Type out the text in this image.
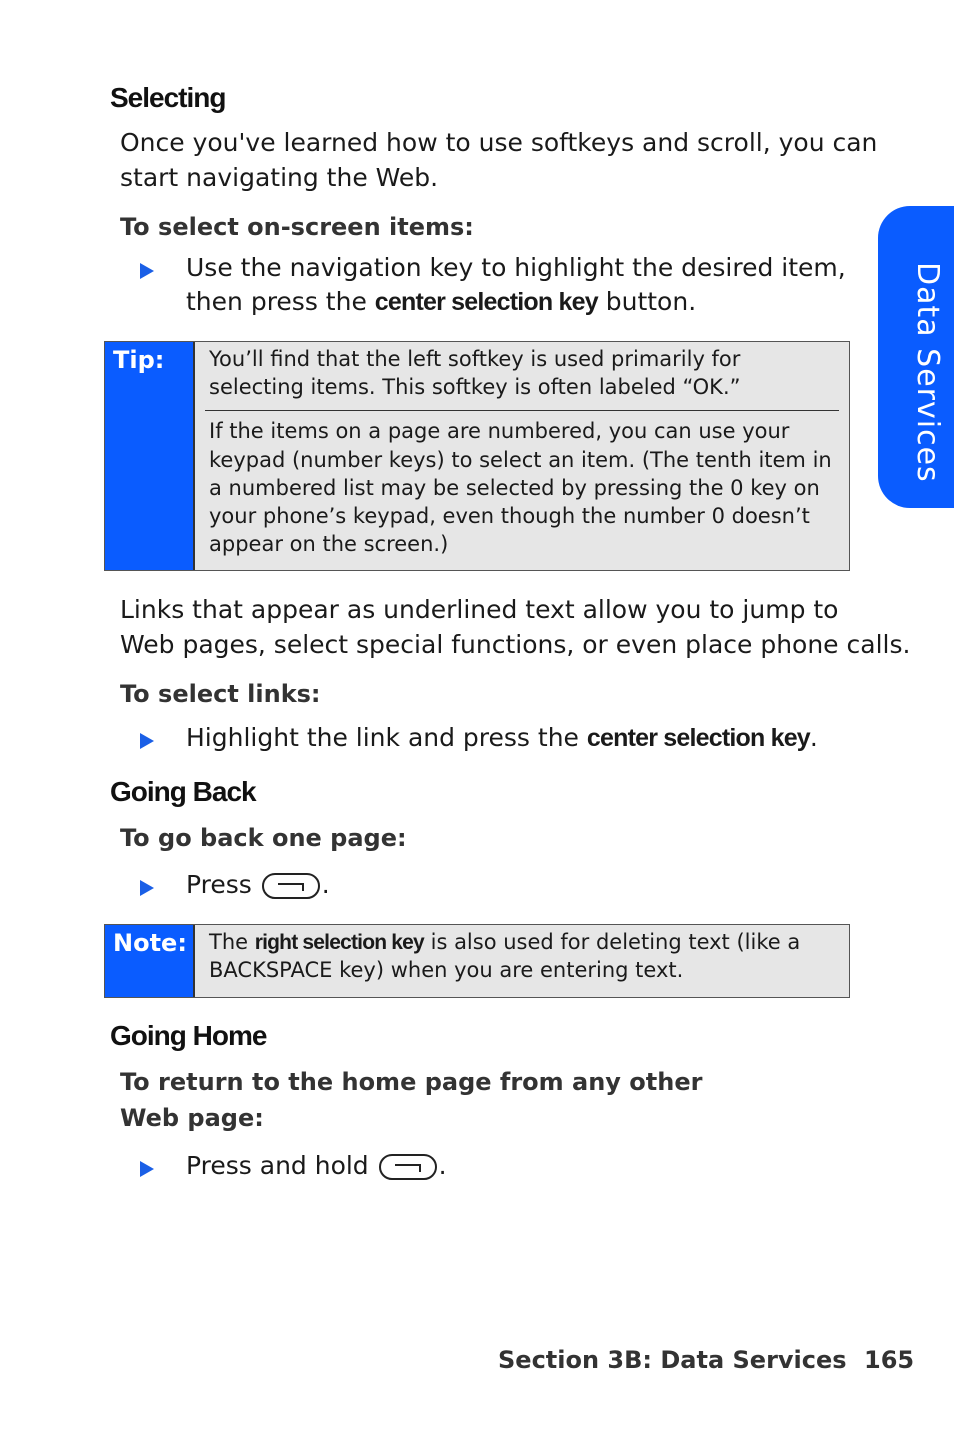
Data Services
Selecting
Once you've learned how to use softkeys and scroll, you can
start navigating the Web.
To select on-screen items:
Use the navigation key to highlight the desired item,
then press the center selection key button.
Tip: You’ll find that the left softkey is used primarily for
selecting items. This softkey is often labeled “OK.”
If the items on a page are numbered, you can use your
keypad (number keys) to select an item. (The tenth item in
a numbered list may be selected by pressing the 0 key on
your phone’s keypad, even though the number 0 doesn’t
appear on the screen.)
Links that appear as underlined text allow you to jump to
Web pages, select special functions, or even place phone calls.
To select links:
Highlight the link and press the center selection key.
Going Back
To go back one page:
Press .
Note: The right selection key is also used for deleting text (like a
BACKSPACE key) when you are entering text.
Going Home
To return to the home page from any other
Web page:
Press and hold .
Section 3B: Data Services 165
